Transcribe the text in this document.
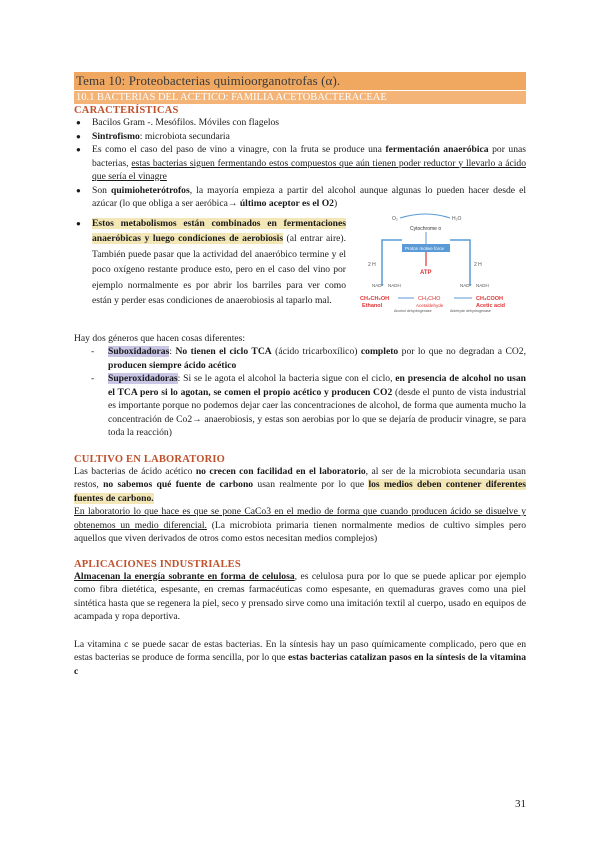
Tema 10: Proteobacterias quimioorganotrofas (α).
10.1 BACTERIAS DEL ACETICO: FAMILIA ACETOBACTERACEAE
CARACTERÍSTICAS
● Bacilos Gram -. Mesófilos. Móviles con flagelos
● Sintrofismo: microbiota secundaria
● Es como el caso del paso de vino a vinagre, con la fruta se produce una fermentación anaeróbica por unas bacterias, estas bacterias siguen fermentando estos compuestos que aún tienen poder reductor y llevarlo a ácido que sería el vinagre
● Son quimioheterótrofos, la mayoría empieza a partir del alcohol aunque algunas lo pueden hacer desde el azúcar (lo que obliga a ser aeróbica→ último aceptor es el O2)
● Estos metabolismos están combinados en fermentaciones anaeróbicas y luego condiciones de aerobiosis (al entrar aire). También puede pasar que la actividad del anaeróbico termine y el poco oxígeno restante produce esto, pero en el caso del vino por ejemplo normalmente es por abrir los barriles para ver como están y perder esas condiciones de anaerobiosis al taparlo mal.
O₂	H₂O
Cytochrome o
Proton motive force
ATP
2 H	2 H
NAD⁺ NADH	NAD⁺ NADH
CH₃CH₂OH
Ethanol
CH₃CHO
Acetaldehyde
CH₃COOH
Acetic acid
Alcohol dehydrogenase	Aldehyde dehydrogenase

Hay dos géneros que hacen cosas diferentes:

- Suboxidadoras: No tienen el ciclo TCA (ácido tricarboxílico) completo por lo que no degradan a CO2, producen siempre ácido acético
- Superoxidadoras: Si se le agota el alcohol la bacteria sigue con el ciclo, en presencia de alcohol no usan el TCA pero si lo agotan, se comen el propio acético y producen CO2 (desde el punto de vista industrial es importante porque no podemos dejar caer las concentraciones de alcohol, de forma que aumenta mucho la concentración de Co2→ anaerobiosis, y estas son aerobias por lo que se dejaría de producir vinagre, se para toda la reacción)
CULTIVO EN LABORATORIO

Las bacterias de ácido acético no crecen con facilidad en el laboratorio, al ser de la microbiota secundaria usan restos, no sabemos qué fuente de carbono usan realmente por lo que los medios deben contener diferentes fuentes de carbono.

En laboratorio lo que hace es que se pone CaCo3 en el medio de forma que cuando producen ácido se disuelve y obtenemos un medio diferencial. (La microbiota primaria tienen normalmente medios de cultivo simples pero aquellos que viven derivados de otros como estos necesitan medios complejos)

APLICACIONES INDUSTRIALES

Almacenan la energía sobrante en forma de celulosa, es celulosa pura por lo que se puede aplicar por ejemplo como fibra dietética, espesante, en cremas farmacéuticas como espesante, en quemaduras graves como una piel sintética hasta que se regenera la piel, seco y prensado sirve como una imitación textil al cuerpo, usado en equipos de acampada y ropa deportiva.

La vitamina c se puede sacar de estas bacterias. En la síntesis hay un paso químicamente complicado, pero que en estas bacterias se produce de forma sencilla, por lo que estas bacterias catalizan pasos en la síntesis de la vitamina c

31
